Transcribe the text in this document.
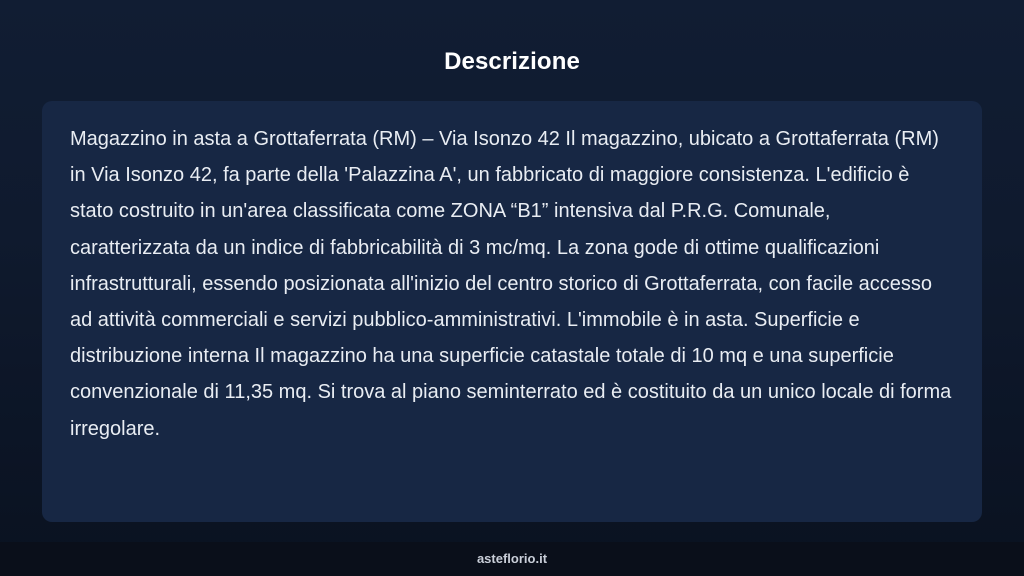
Descrizione

Magazzino in asta a Grottaferrata (RM) – Via Isonzo 42 Il magazzino, ubicato a Grottaferrata (RM) in Via Isonzo 42, fa parte della 'Palazzina A', un fabbricato di maggiore consistenza. L'edificio è stato costruito in un'area classificata come ZONA “B1” intensiva dal P.R.G. Comunale, caratterizzata da un indice di fabbricabilità di 3 mc/mq. La zona gode di ottime qualificazioni infrastrutturali, essendo posizionata all'inizio del centro storico di Grottaferrata, con facile accesso ad attività commerciali e servizi pubblico-amministrativi. L'immobile è in asta. Superficie e distribuzione interna Il magazzino ha una superficie catastale totale di 10 mq e una superficie convenzionale di 11,35 mq. Si trova al piano seminterrato ed è costituito da un unico locale di forma irregolare.

asteflorio.it
